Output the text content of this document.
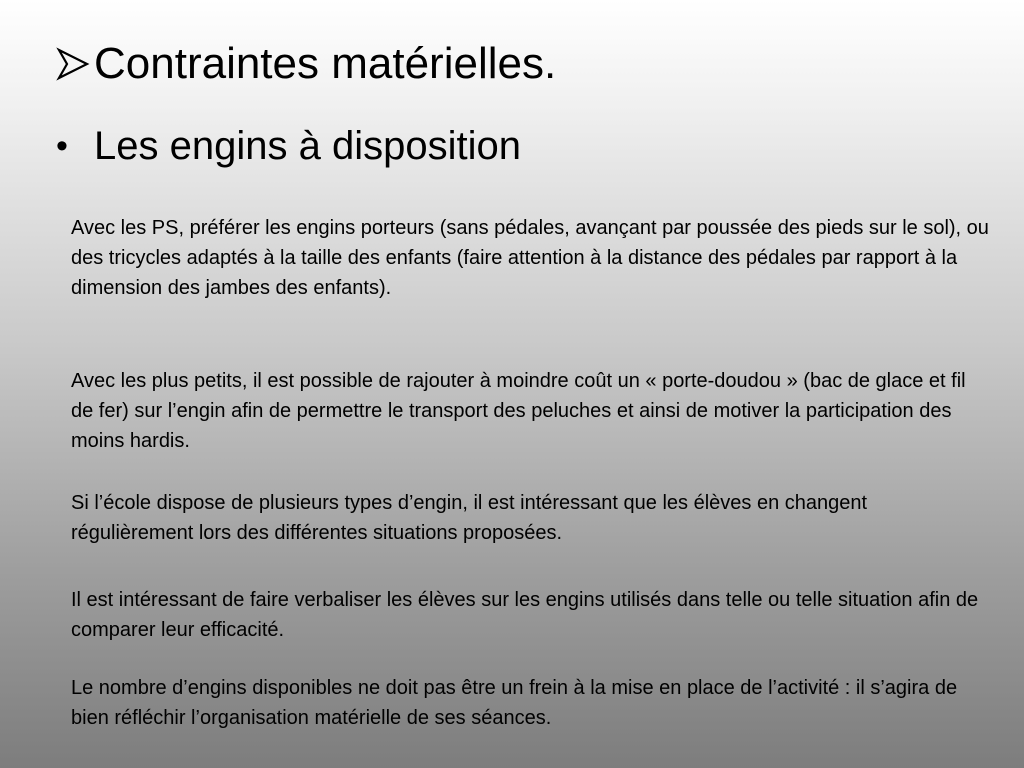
Contraintes matérielles.
• Les engins à disposition

Avec les PS, préférer les engins porteurs (sans pédales, avançant par poussée des pieds sur le sol), ou des tricycles adaptés à la taille des enfants (faire attention à la distance des pédales par rapport à la dimension des jambes des enfants).

Avec les plus petits, il est possible de rajouter à moindre coût un « porte-doudou » (bac de glace et fil de fer) sur l’engin afin de permettre le transport des peluches et ainsi de motiver la participation des moins hardis.

Si l’école dispose de plusieurs types d’engin, il est intéressant que les élèves en changent régulièrement lors des différentes situations proposées.

Il est intéressant de faire verbaliser les élèves sur les engins utilisés dans telle ou telle situation afin de comparer leur efficacité.

Le nombre d’engins disponibles ne doit pas être un frein à la mise en place de l’activité : il s’agira de bien réfléchir l’organisation matérielle de ses séances.
